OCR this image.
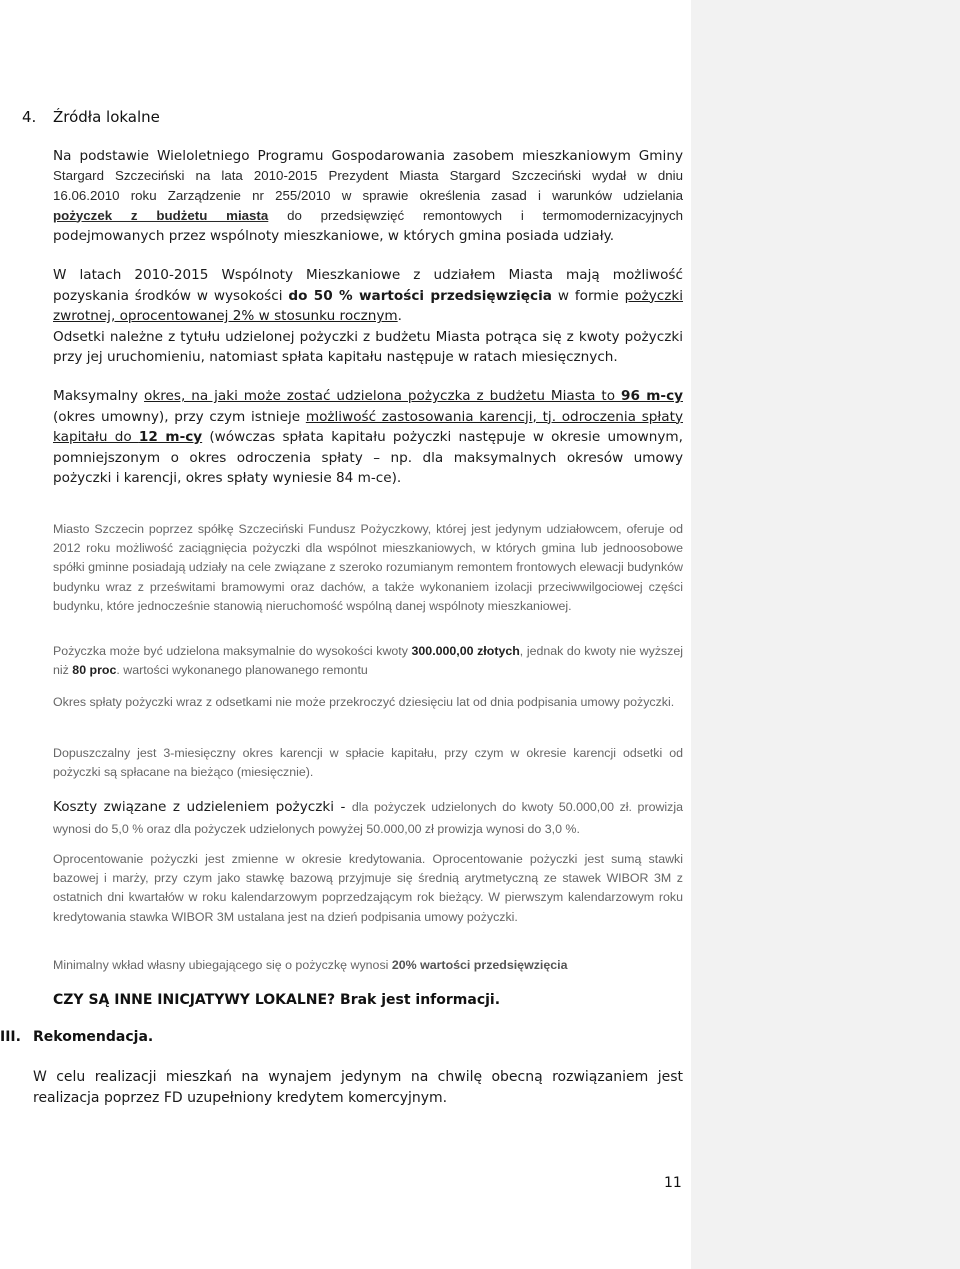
4. Źródła lokalne
Na podstawie Wieloletniego Programu Gospodarowania zasobem mieszkaniowym Gminy
Stargard Szczeciński na lata 2010-2015 Prezydent Miasta Stargard Szczeciński wydał w dniu
16.06.2010 roku Zarządzenie nr 255/2010 w sprawie określenia zasad i warunków udzielania
pożyczek z budżetu miasta do przedsięwzięć remontowych i termomodernizacyjnych
podejmowanych przez wspólnoty mieszkaniowe, w których gmina posiada udziały.

W latach 2010-2015 Wspólnoty Mieszkaniowe z udziałem Miasta mają możliwość pozyskania środków w wysokości do 50 % wartości przedsięwzięcia w formie pożyczki zwrotnej, oprocentowanej 2% w stosunku rocznym.
Odsetki należne z tytułu udzielonej pożyczki z budżetu Miasta potrąca się z kwoty pożyczki przy jej uruchomieniu, natomiast spłata kapitału następuje w ratach miesięcznych.

Maksymalny okres, na jaki może zostać udzielona pożyczka z budżetu Miasta to 96 m-cy (okres umowny), przy czym istnieje możliwość zastosowania karencji, tj. odroczenia spłaty kapitału do 12 m-cy (wówczas spłata kapitału pożyczki następuje w okresie umownym, pomniejszonym o okres odroczenia spłaty – np. dla maksymalnych okresów umowy pożyczki i karencji, okres spłaty wyniesie 84 m-ce).

Miasto Szczecin poprzez spółkę Szczeciński Fundusz Pożyczkowy, której jest jedynym udziałowcem, oferuje od 2012 roku możliwość zaciągnięcia pożyczki dla wspólnot mieszkaniowych, w których gmina lub jednoosobowe spółki gminne posiadają udziały na cele związane z szeroko rozumianym remontem frontowych elewacji budynków budynku wraz z prześwitami bramowymi oraz dachów, a także wykonaniem izolacji przeciwwilgociowej części budynku, które jednocześnie stanowią nieruchomość wspólną danej wspólnoty mieszkaniowej.

Pożyczka może być udzielona maksymalnie do wysokości kwoty 300.000,00 złotych, jednak do kwoty nie wyższej niż 80 proc. wartości wykonanego planowanego remontu

Okres spłaty pożyczki wraz z odsetkami nie może przekroczyć dziesięciu lat od dnia podpisania umowy pożyczki.

Dopuszczalny jest 3-miesięczny okres karencji w spłacie kapitału, przy czym w okresie karencji odsetki od pożyczki są spłacane na bieżąco (miesięcznie).

Koszty związane z udzieleniem pożyczki - dla pożyczek udzielonych do kwoty 50.000,00 zł. prowizja wynosi do 5,0 % oraz dla pożyczek udzielonych powyżej 50.000,00 zł prowizja wynosi do 3,0 %.

Oprocentowanie pożyczki jest zmienne w okresie kredytowania. Oprocentowanie pożyczki jest sumą stawki bazowej i marży, przy czym jako stawkę bazową przyjmuje się średnią arytmetyczną ze stawek WIBOR 3M z ostatnich dni kwartałów w roku kalendarzowym poprzedzającym rok bieżący. W pierwszym kalendarzowym roku kredytowania stawka WIBOR 3M ustalana jest na dzień podpisania umowy pożyczki.

Minimalny wkład własny ubiegającego się o pożyczkę wynosi 20% wartości przedsięwzięcia

CZY SĄ INNE INICJATYWY LOKALNE? Brak jest informacji.
III. Rekomendacja.

W celu realizacji mieszkań na wynajem jedynym na chwilę obecną rozwiązaniem jest realizacja poprzez FD uzupełniony kredytem komercyjnym.

11
